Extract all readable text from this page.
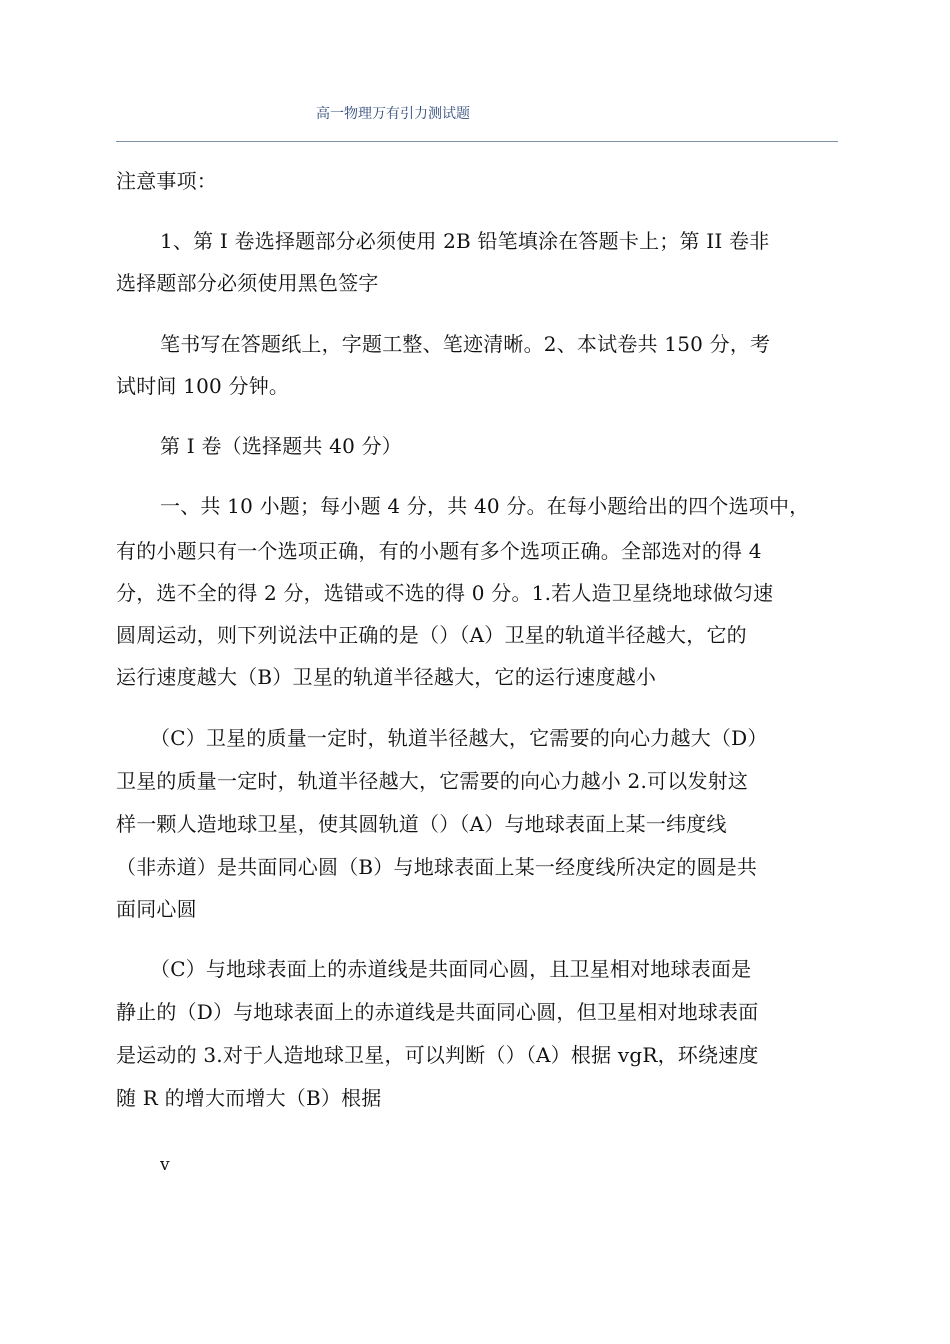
高一物理万有引力测试题
注意事项：
1、第 I 卷选择题部分必须使用 2B 铅笔填涂在答题卡上；第 II 卷非
选择题部分必须使用黑色签字
笔书写在答题纸上，字题工整、笔迹清晰。2、本试卷共 150 分，考
试时间 100 分钟。
第 I 卷（选择题共 40 分）
一、共 10 小题；每小题 4 分，共 40 分。在每小题给出的四个选项中，
有的小题只有一个选项正确，有的小题有多个选项正确。全部选对的得 4
分，选不全的得 2 分，选错或不选的得 0 分。1.若人造卫星绕地球做匀速
圆周运动，则下列说法中正确的是（）（A）卫星的轨道半径越大，它的
运行速度越大（B）卫星的轨道半径越大，它的运行速度越小
（C）卫星的质量一定时，轨道半径越大，它需要的向心力越大（D）
卫星的质量一定时，轨道半径越大，它需要的向心力越小 2.可以发射这
样一颗人造地球卫星，使其圆轨道（）（A）与地球表面上某一纬度线
（非赤道）是共面同心圆（B）与地球表面上某一经度线所决定的圆是共
面同心圆
（C）与地球表面上的赤道线是共面同心圆，且卫星相对地球表面是
静止的（D）与地球表面上的赤道线是共面同心圆，但卫星相对地球表面
是运动的 3.对于人造地球卫星，可以判断（）（A）根据 vgR，环绕速度
随 R 的增大而增大（B）根据
v
